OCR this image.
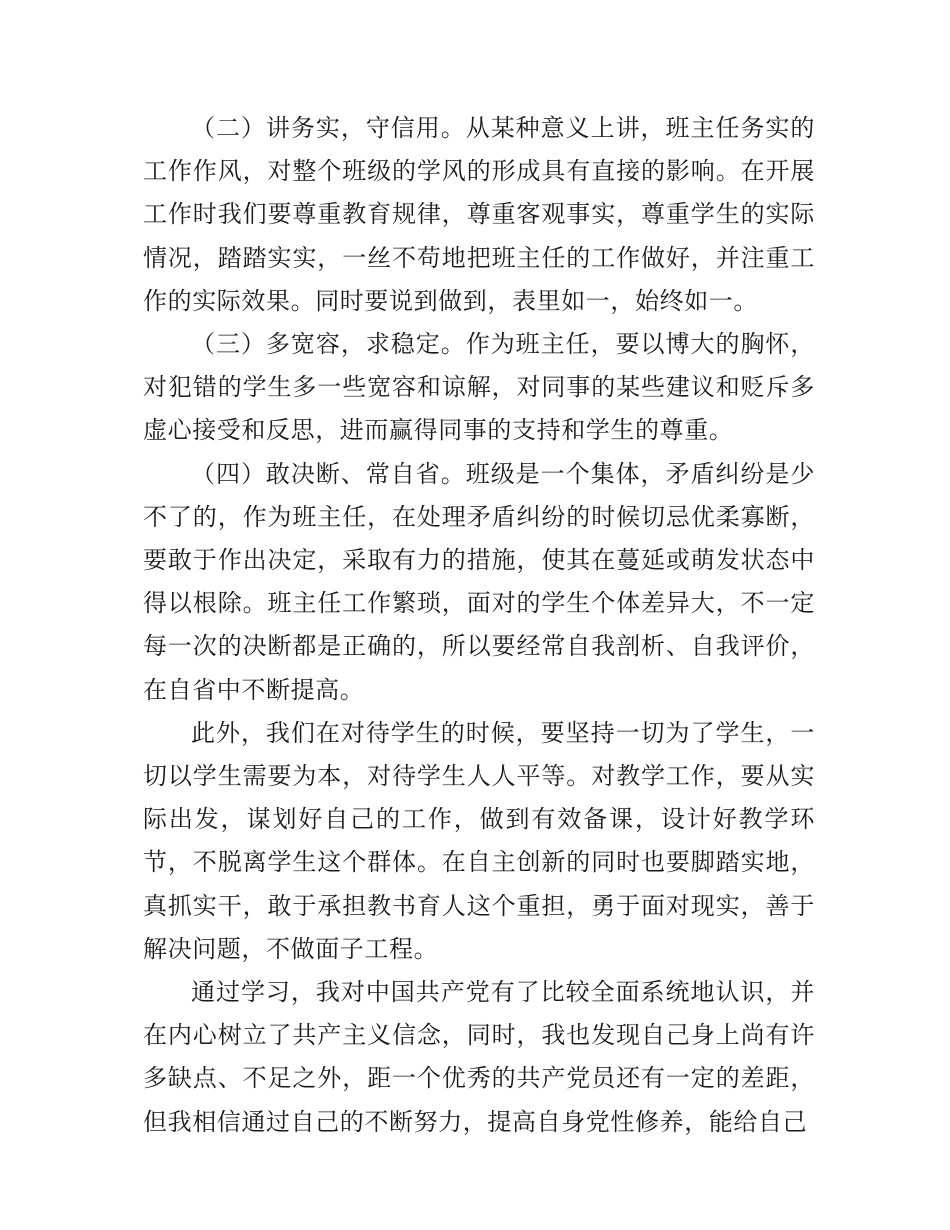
（二）讲务实，守信用。从某种意义上讲，班主任务实的工作作风，对整个班级的学风的形成具有直接的影响。在开展工作时我们要尊重教育规律，尊重客观事实，尊重学生的实际情况，踏踏实实，一丝不苟地把班主任的工作做好，并注重工作的实际效果。同时要说到做到，表里如一，始终如一。

（三）多宽容，求稳定。作为班主任，要以博大的胸怀，对犯错的学生多一些宽容和谅解，对同事的某些建议和贬斥多虚心接受和反思，进而赢得同事的支持和学生的尊重。

（四）敢决断、常自省。班级是一个集体，矛盾纠纷是少不了的，作为班主任，在处理矛盾纠纷的时候切忌优柔寡断，要敢于作出决定，采取有力的措施，使其在蔓延或萌发状态中得以根除。班主任工作繁琐，面对的学生个体差异大，不一定每一次的决断都是正确的，所以要经常自我剖析、自我评价，在自省中不断提高。

此外，我们在对待学生的时候，要坚持一切为了学生，一切以学生需要为本，对待学生人人平等。对教学工作，要从实际出发，谋划好自己的工作，做到有效备课，设计好教学环节，不脱离学生这个群体。在自主创新的同时也要脚踏实地，真抓实干，敢于承担教书育人这个重担，勇于面对现实，善于解决问题，不做面子工程。

通过学习，我对中国共产党有了比较全面系统地认识，并在内心树立了共产主义信念，同时，我也发现自己身上尚有许多缺点、不足之外，距一个优秀的共产党员还有一定的差距，但我相信通过自己的不断努力，提高自身党性修养，能给自己
